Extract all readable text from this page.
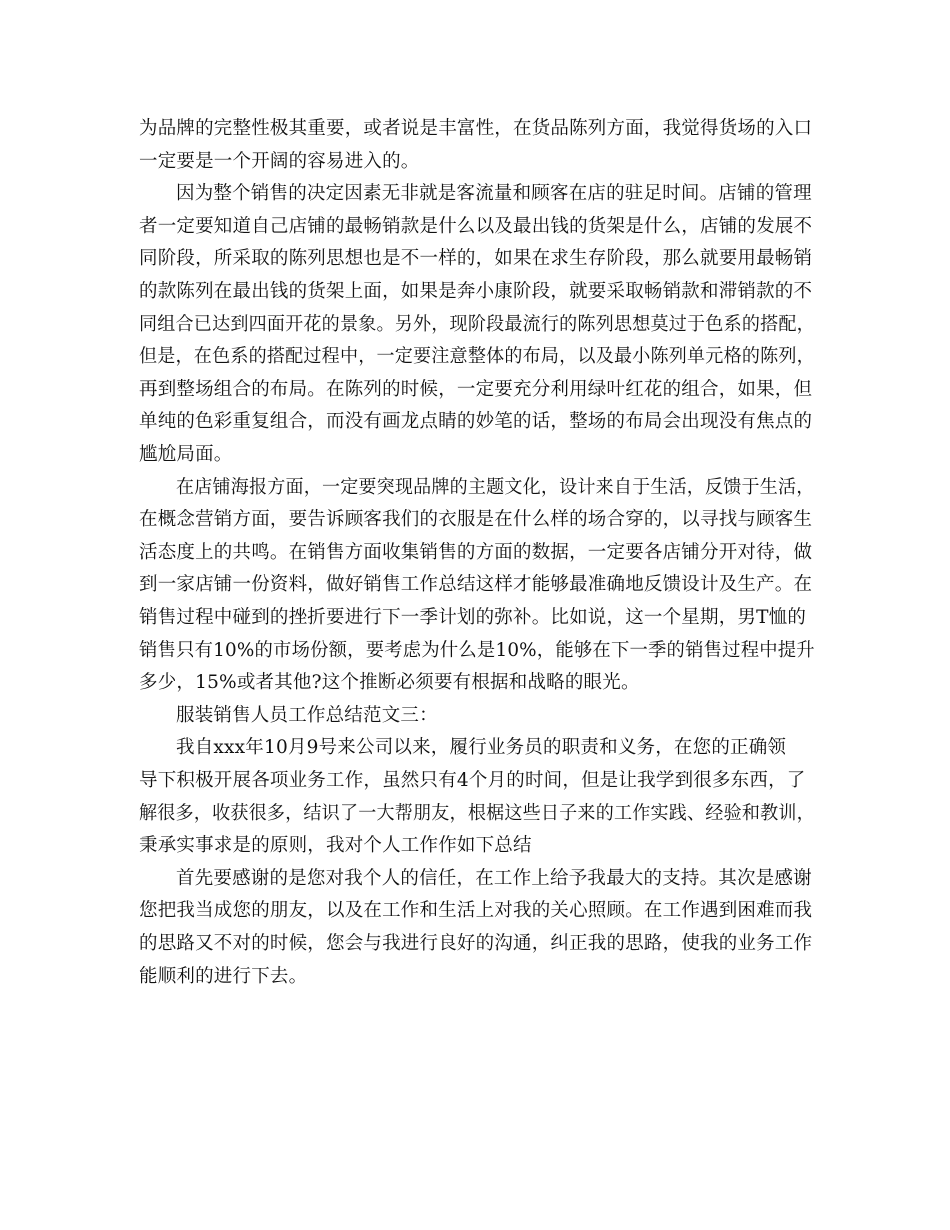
为品牌的完整性极其重要，或者说是丰富性，在货品陈列方面，我觉得货场的入口
一定要是一个开阔的容易进入的。
因为整个销售的决定因素无非就是客流量和顾客在店的驻足时间。店铺的管理
者一定要知道自己店铺的最畅销款是什么以及最出钱的货架是什么，店铺的发展不
同阶段，所采取的陈列思想也是不一样的，如果在求生存阶段，那么就要用最畅销
的款陈列在最出钱的货架上面，如果是奔小康阶段，就要采取畅销款和滞销款的不
同组合已达到四面开花的景象。另外，现阶段最流行的陈列思想莫过于色系的搭配，
但是，在色系的搭配过程中，一定要注意整体的布局，以及最小陈列单元格的陈列，
再到整场组合的布局。在陈列的时候，一定要充分利用绿叶红花的组合，如果，但
单纯的色彩重复组合，而没有画龙点睛的妙笔的话，整场的布局会出现没有焦点的
尴尬局面。
在店铺海报方面，一定要突现品牌的主题文化，设计来自于生活，反馈于生活，
在概念营销方面，要告诉顾客我们的衣服是在什么样的场合穿的，以寻找与顾客生
活态度上的共鸣。在销售方面收集销售的方面的数据，一定要各店铺分开对待，做
到一家店铺一份资料，做好销售工作总结这样才能够最准确地反馈设计及生产。在
销售过程中碰到的挫折要进行下一季计划的弥补。比如说，这一个星期，男T恤的
销售只有10%的市场份额，要考虑为什么是10%，能够在下一季的销售过程中提升
多少，15%或者其他?这个推断必须要有根据和战略的眼光。
服装销售人员工作总结范文三：
我自xxx年10月9号来公司以来，履行业务员的职责和义务，在您的正确领
导下积极开展各项业务工作，虽然只有4个月的时间，但是让我学到很多东西，了
解很多，收获很多，结识了一大帮朋友，根椐这些日子来的工作实践、经验和教训，
秉承实事求是的原则，我对个人工作作如下总结
首先要感谢的是您对我个人的信任，在工作上给予我最大的支持。其次是感谢
您把我当成您的朋友，以及在工作和生活上对我的关心照顾。在工作遇到困难而我
的思路又不对的时候，您会与我进行良好的沟通，纠正我的思路，使我的业务工作
能顺利的进行下去。
